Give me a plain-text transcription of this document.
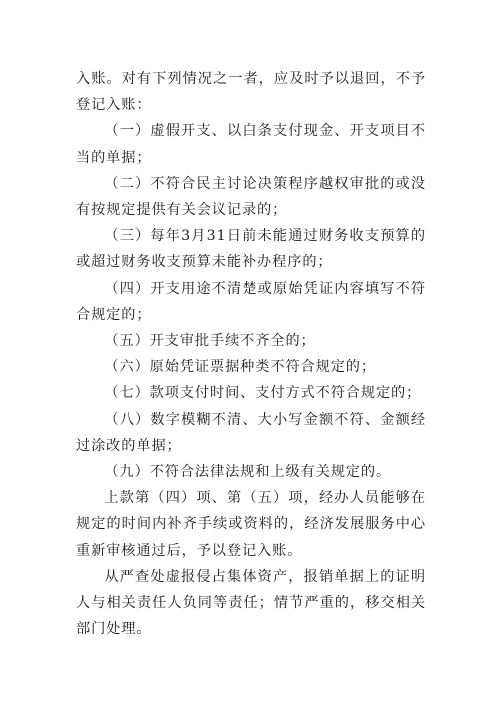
入账。对有下列情况之一者，应及时予以退回，不予登记入账：

（一）虚假开支、以白条支付现金、开支项目不当的单据；

（二）不符合民主讨论决策程序越权审批的或没有按规定提供有关会议记录的；

（三）每年3月31日前未能通过财务收支预算的或超过财务收支预算未能补办程序的；

（四）开支用途不清楚或原始凭证内容填写不符合规定的；

（五）开支审批手续不齐全的；

（六）原始凭证票据种类不符合规定的；

（七）款项支付时间、支付方式不符合规定的；

（八）数字模糊不清、大小写金额不符、金额经过涂改的单据；

（九）不符合法律法规和上级有关规定的。

上款第（四）项、第（五）项，经办人员能够在规定的时间内补齐手续或资料的，经济发展服务中心重新审核通过后，予以登记入账。

从严查处虚报侵占集体资产，报销单据上的证明人与相关责任人负同等责任；情节严重的，移交相关部门处理。
